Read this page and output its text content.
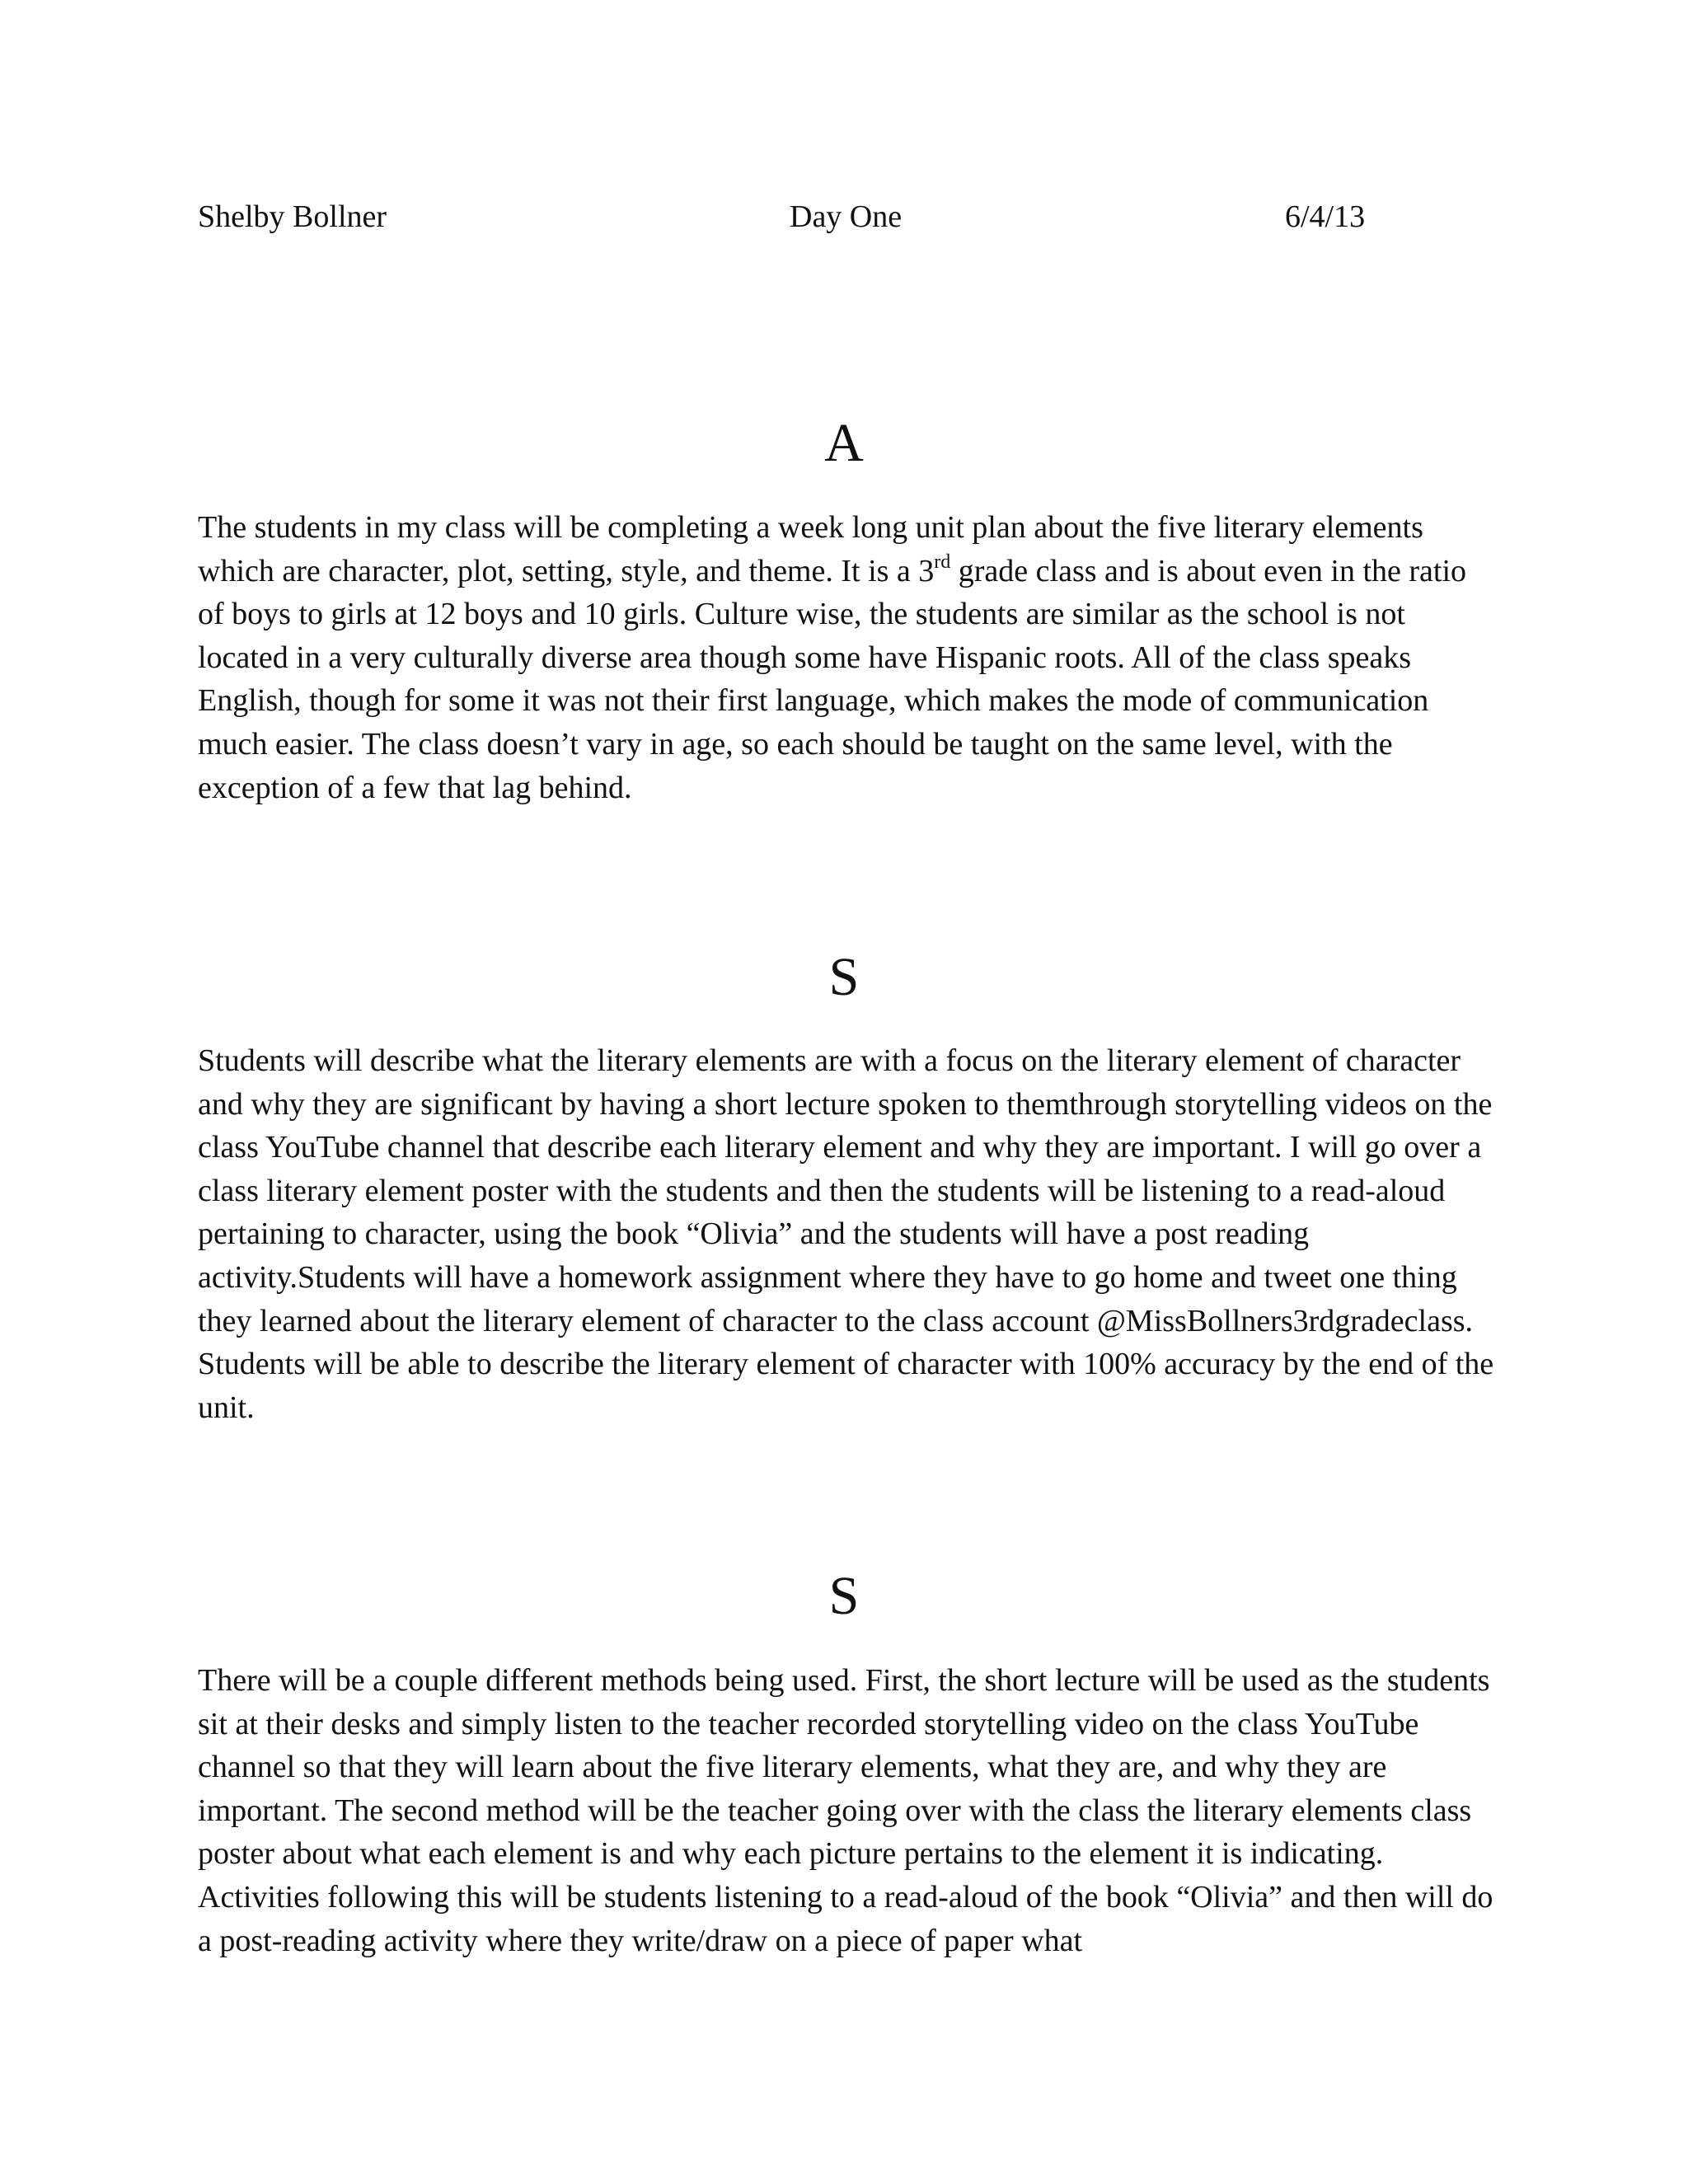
Shelby Bollner	Day One	6/4/13
A
The students in my class will be completing a week long unit plan about the five literary elements which are character, plot, setting, style, and theme. It is a 3rd grade class and is about even in the ratio of boys to girls at 12 boys and 10 girls. Culture wise, the students are similar as the school is not located in a very culturally diverse area though some have Hispanic roots. All of the class speaks English, though for some it was not their first language, which makes the mode of communication much easier. The class doesn’t vary in age, so each should be taught on the same level, with the exception of a few that lag behind.
S
Students will describe what the literary elements are with a focus on the literary element of character and why they are significant by having a short lecture spoken to themthrough storytelling videos on the class YouTube channel that describe each literary element and why they are important. I will go over a class literary element poster with the students and then the students will be listening to a read-aloud pertaining to character, using the book “Olivia” and the students will have a post reading activity.Students will have a homework assignment where they have to go home and tweet one thing they learned about the literary element of character to the class account @MissBollners3rdgradeclass. Students will be able to describe the literary element of character with 100% accuracy by the end of the unit.
S
There will be a couple different methods being used. First, the short lecture will be used as the students sit at their desks and simply listen to the teacher recorded storytelling video on the class YouTube channel so that they will learn about the five literary elements, what they are, and why they are important. The second method will be the teacher going over with the class the literary elements class poster about what each element is and why each picture pertains to the element it is indicating. Activities following this will be students listening to a read-aloud of the book “Olivia” and then will do a post-reading activity where they write/draw on a piece of paper what
